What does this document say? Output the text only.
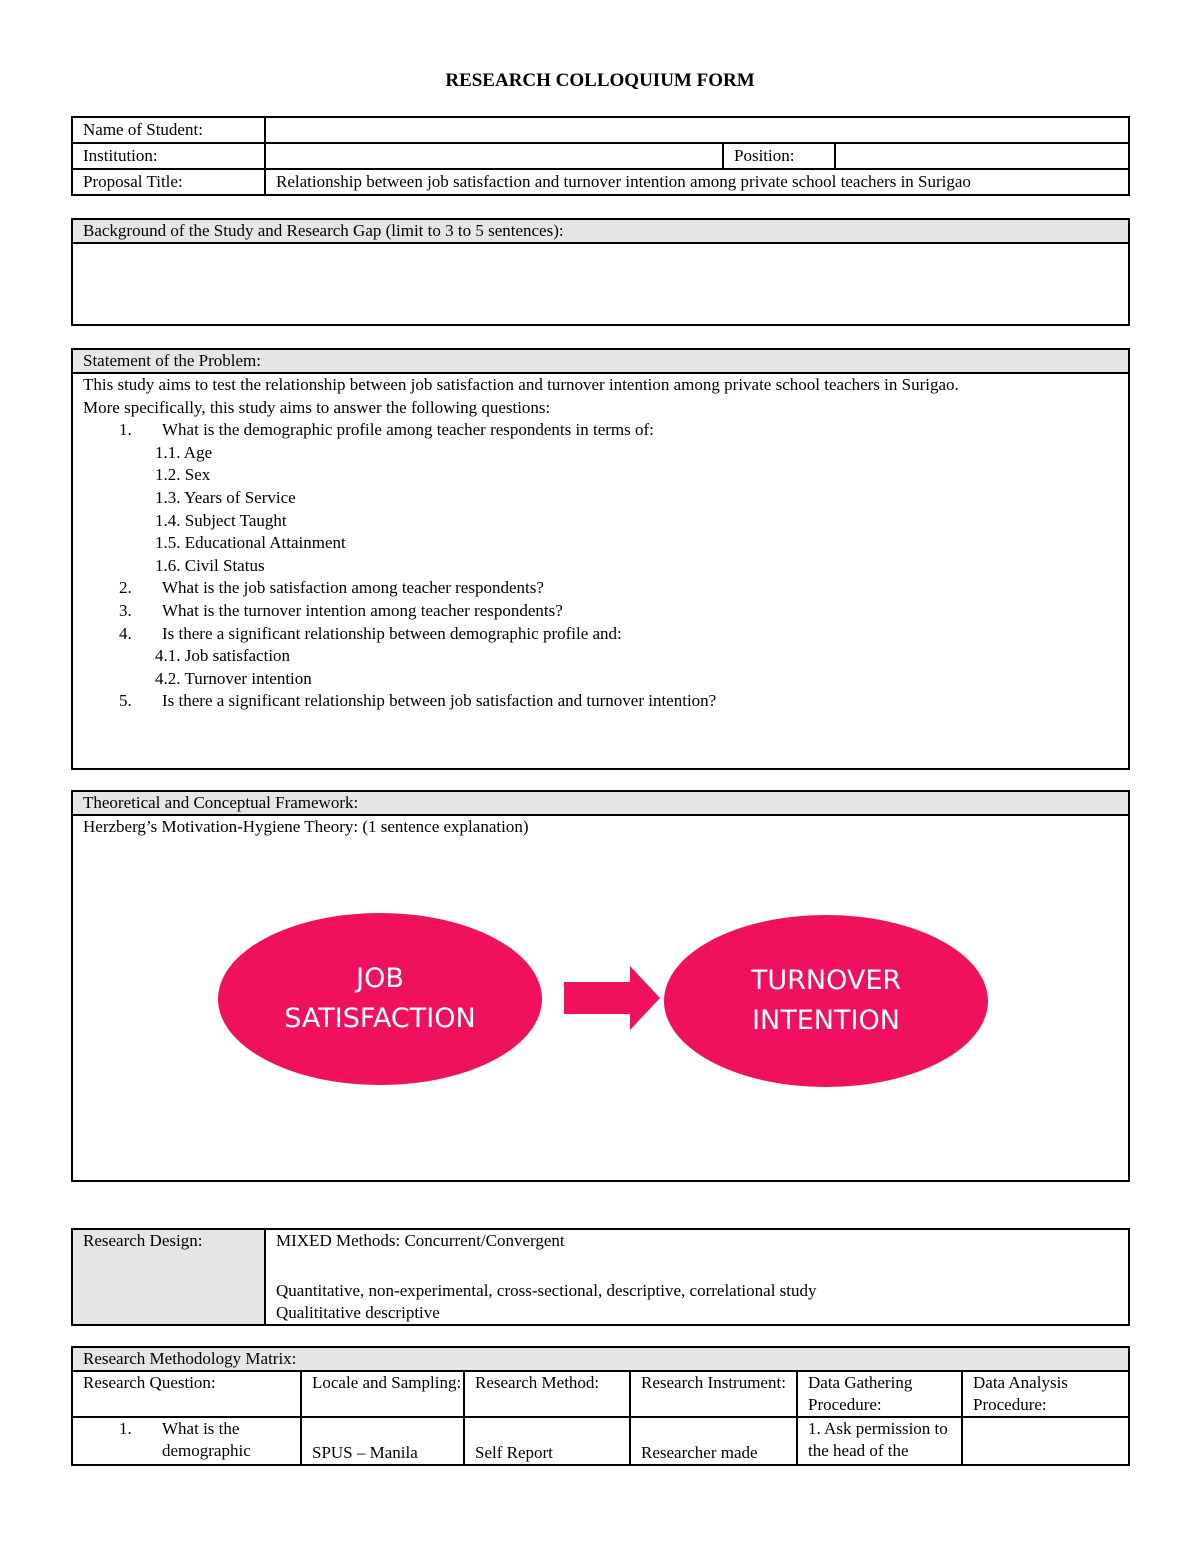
RESEARCH COLLOQUIUM FORM
Name of Student:			
Institution:		Position:	
Proposal Title:	Relationship between job satisfaction and turnover intention among private school teachers in Surigao		
Background of the Study and Research Gap (limit to 3 to 5 sentences):

Statement of the Problem:

This study aims to test the relationship between job satisfaction and turnover intention among private school teachers in Surigao.
More specifically, this study aims to answer the following questions:
1.	What is the demographic profile among teacher respondents in terms of:
1.1. Age
1.2. Sex
1.3. Years of Service
1.4. Subject Taught
1.5. Educational Attainment
1.6. Civil Status
2.	What is the job satisfaction among teacher respondents?
3.	What is the turnover intention among teacher respondents?
4.	Is there a significant relationship between demographic profile and:
4.1. Job satisfaction
4.2. Turnover intention
5.	Is there a significant relationship between job satisfaction and turnover intention?
Theoretical and Conceptual Framework:

Herzberg’s Motivation-Hygiene Theory: (1 sentence explanation)
JOB
SATISFACTION
TURNOVER
INTENTION
Research Design:	MIXED Methods: Concurrent/Convergent
Quantitative, non-experimental, cross-sectional, descriptive, correlational study
Qualititative descriptive
Research Methodology Matrix:					
Research Question:	Locale and Sampling:	Research Method:	Research Instrument:	Data Gathering Procedure:	Data Analysis Procedure:

1. What is the demographic	SPUS – Manila	Self Report	Researcher made	1. Ask permission to the head of the	
